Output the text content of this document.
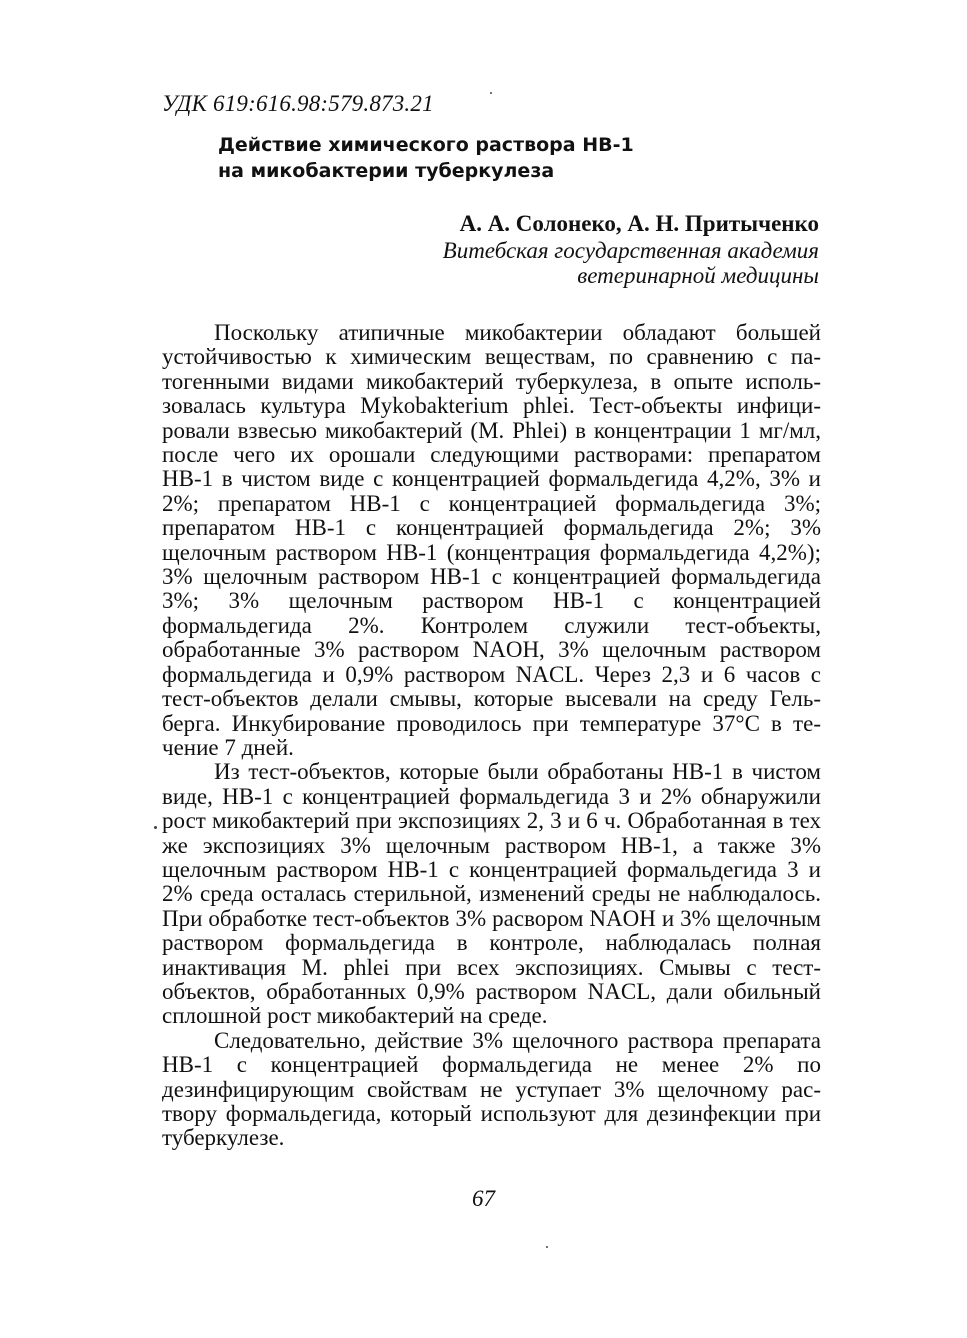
УДК 619:616.98:579.873.21
Действие химического раствора НВ-1
на микобактерии туберкулеза
А. А. Солонеко, А. Н. Притыченко
Витебская государственная академия
ветеринарной медицины

Поскольку атипичные микобактерии обладают большей устойчивостью к химическим веществам, по сравнению с патогенными видами микобактерий туберкулеза, в опыте использовалась культура Mykobakterium phlei. Тест-объекты инфицировали взвесью микобактерий (M. Phlei) в концентрации 1 мг/мл, после чего их орошали следующими растворами: препаратом НВ-1 в чистом виде с концентрацией формальдегида 4,2%, 3% и 2%; препаратом НВ-1 с концентрацией формальдегида 3%; препаратом НВ-1 с концентрацией формальдегида 2%; 3% щелочным раствором НВ-1 (концентрация формальдегида 4,2%); 3% щелочным раствором НВ-1 с концентрацией формальдегида 3%; 3% щелочным раствором НВ-1 с концентрацией формальдегида 2%. Контролем служили тест-объекты, обработанные 3% раствором NAOH, 3% щелочным раствором формальдегида и 0,9% раствором NACL. Через 2,3 и 6 часов с тест-объектов делали смывы, которые высевали на среду Гельберга. Инкубирование проводилось при температуре 37°С в течение 7 дней.

Из тест-объектов, которые были обработаны НВ-1 в чистом виде, НВ-1 с концентрацией формальдегида 3 и 2% обнаружили рост микобактерий при экспозициях 2, 3 и 6 ч. Обработанная в тех же экспозициях 3% щелочным раствором НВ-1, а также 3% щелочным раствором НВ-1 с концентрацией формальдегида 3 и 2% среда осталась стерильной, изменений среды не наблюдалось. При обработке тест-объектов 3% расвором NAOH и 3% щелочным раствором формальдегида в контроле, наблюдалась полная инактивация M. phlei при всех экспозициях. Смывы с тест-объектов, обработанных 0,9% раствором NACL, дали обильный сплошной рост микобактерий на среде.

Следовательно, действие 3% щелочного раствора препарата НВ-1 с концентрацией формальдегида не менее 2% по дезинфицирующим свойствам не уступает 3% щелочному раствору формальдегида, который используют для дезинфекции при туберкулезе.

67
